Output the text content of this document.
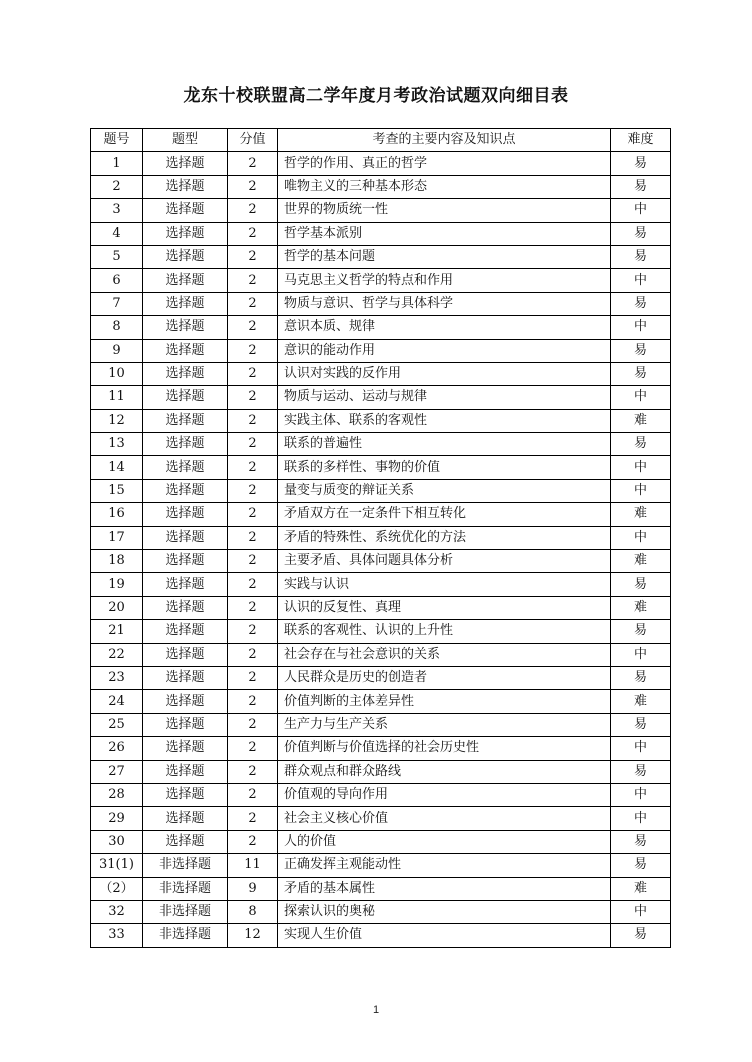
龙东十校联盟高二学年度月考政治试题双向细目表
题号	题型	分值	考查的主要内容及知识点	难度
1	选择题	2	哲学的作用、真正的哲学	易
2	选择题	2	唯物主义的三种基本形态	易
3	选择题	2	世界的物质统一性	中
4	选择题	2	哲学基本派别	易
5	选择题	2	哲学的基本问题	易
6	选择题	2	马克思主义哲学的特点和作用	中
7	选择题	2	物质与意识、哲学与具体科学	易
8	选择题	2	意识本质、规律	中
9	选择题	2	意识的能动作用	易
10	选择题	2	认识对实践的反作用	易
11	选择题	2	物质与运动、运动与规律	中
12	选择题	2	实践主体、联系的客观性	难
13	选择题	2	联系的普遍性	易
14	选择题	2	联系的多样性、事物的价值	中
15	选择题	2	量变与质变的辩证关系	中
16	选择题	2	矛盾双方在一定条件下相互转化	难
17	选择题	2	矛盾的特殊性、系统优化的方法	中
18	选择题	2	主要矛盾、具体问题具体分析	难
19	选择题	2	实践与认识	易
20	选择题	2	认识的反复性、真理	难
21	选择题	2	联系的客观性、认识的上升性	易
22	选择题	2	社会存在与社会意识的关系	中
23	选择题	2	人民群众是历史的创造者	易
24	选择题	2	价值判断的主体差异性	难
25	选择题	2	生产力与生产关系	易
26	选择题	2	价值判断与价值选择的社会历史性	中
27	选择题	2	群众观点和群众路线	易
28	选择题	2	价值观的导向作用	中
29	选择题	2	社会主义核心价值	中
30	选择题	2	人的价值	易
31(1)	非选择题	11	正确发挥主观能动性	易
（2）	非选择题	9	矛盾的基本属性	难
32	非选择题	8	探索认识的奥秘	中
33	非选择题	12	实现人生价值	易
1
